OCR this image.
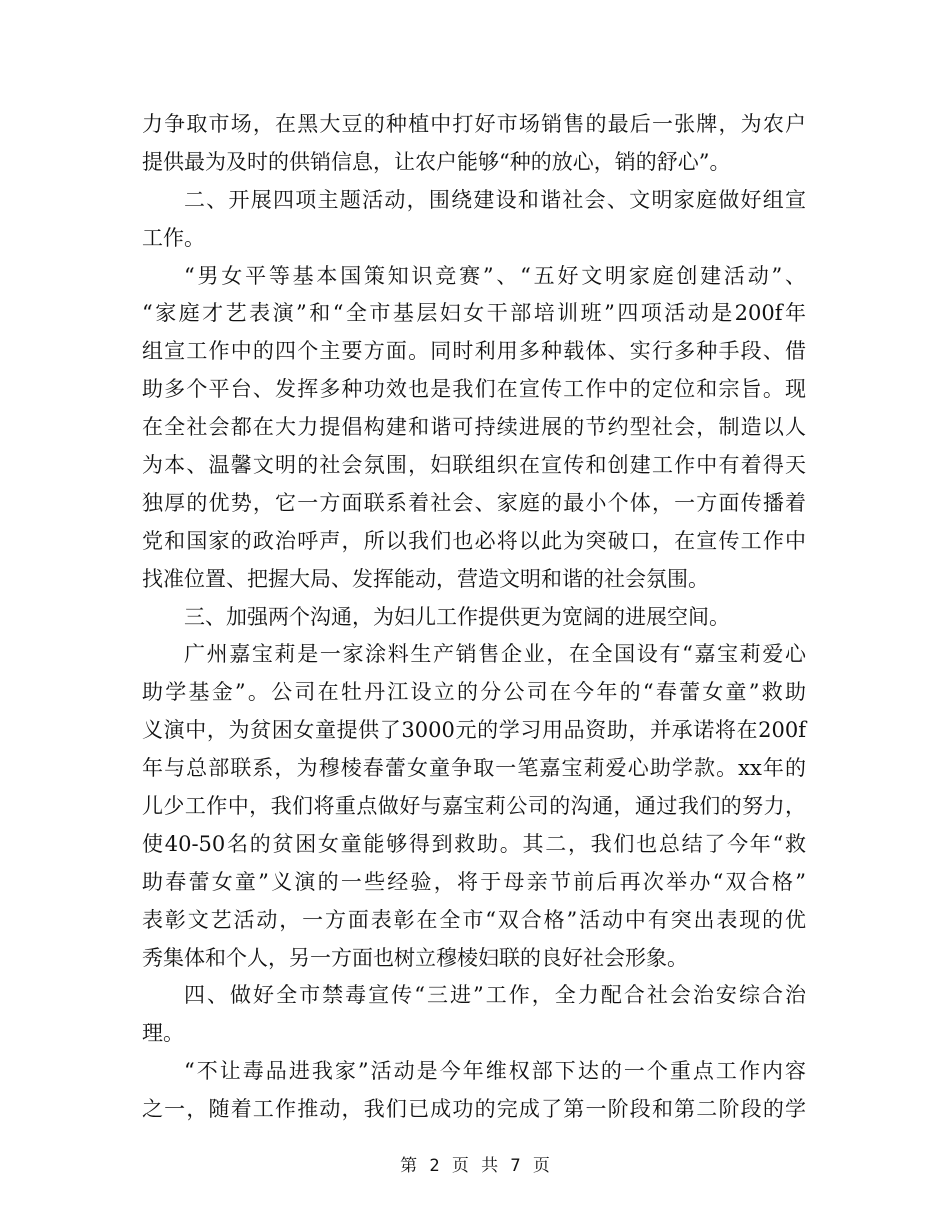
力争取市场，在黑大豆的种植中打好市场销售的最后一张牌，为农户
提供最为及时的供销信息，让农户能够“种的放心，销的舒心”。
二、开展四项主题活动，围绕建设和谐社会、文明家庭做好组宣
工作。
“男女平等基本国策知识竞赛”、“五好文明家庭创建活动”、
“家庭才艺表演”和“全市基层妇女干部培训班”四项活动是200f年
组宣工作中的四个主要方面。同时利用多种载体、实行多种手段、借
助多个平台、发挥多种功效也是我们在宣传工作中的定位和宗旨。现
在全社会都在大力提倡构建和谐可持续进展的节约型社会，制造以人
为本、温馨文明的社会氛围，妇联组织在宣传和创建工作中有着得天
独厚的优势，它一方面联系着社会、家庭的最小个体，一方面传播着
党和国家的政治呼声，所以我们也必将以此为突破口，在宣传工作中
找准位置、把握大局、发挥能动，营造文明和谐的社会氛围。
三、加强两个沟通，为妇儿工作提供更为宽阔的进展空间。
广州嘉宝莉是一家涂料生产销售企业，在全国设有“嘉宝莉爱心
助学基金”。公司在牡丹江设立的分公司在今年的“春蕾女童”救助
义演中，为贫困女童提供了3000元的学习用品资助，并承诺将在200f
年与总部联系，为穆棱春蕾女童争取一笔嘉宝莉爱心助学款。xx年的
儿少工作中，我们将重点做好与嘉宝莉公司的沟通，通过我们的努力，
使40-50名的贫困女童能够得到救助。其二，我们也总结了今年“救
助春蕾女童”义演的一些经验，将于母亲节前后再次举办“双合格”
表彰文艺活动，一方面表彰在全市“双合格”活动中有突出表现的优
秀集体和个人，另一方面也树立穆棱妇联的良好社会形象。
四、做好全市禁毒宣传“三进”工作，全力配合社会治安综合治
理。
“不让毒品进我家”活动是今年维权部下达的一个重点工作内容
之一，随着工作推动，我们已成功的完成了第一阶段和第二阶段的学
第 2 页 共 7 页
